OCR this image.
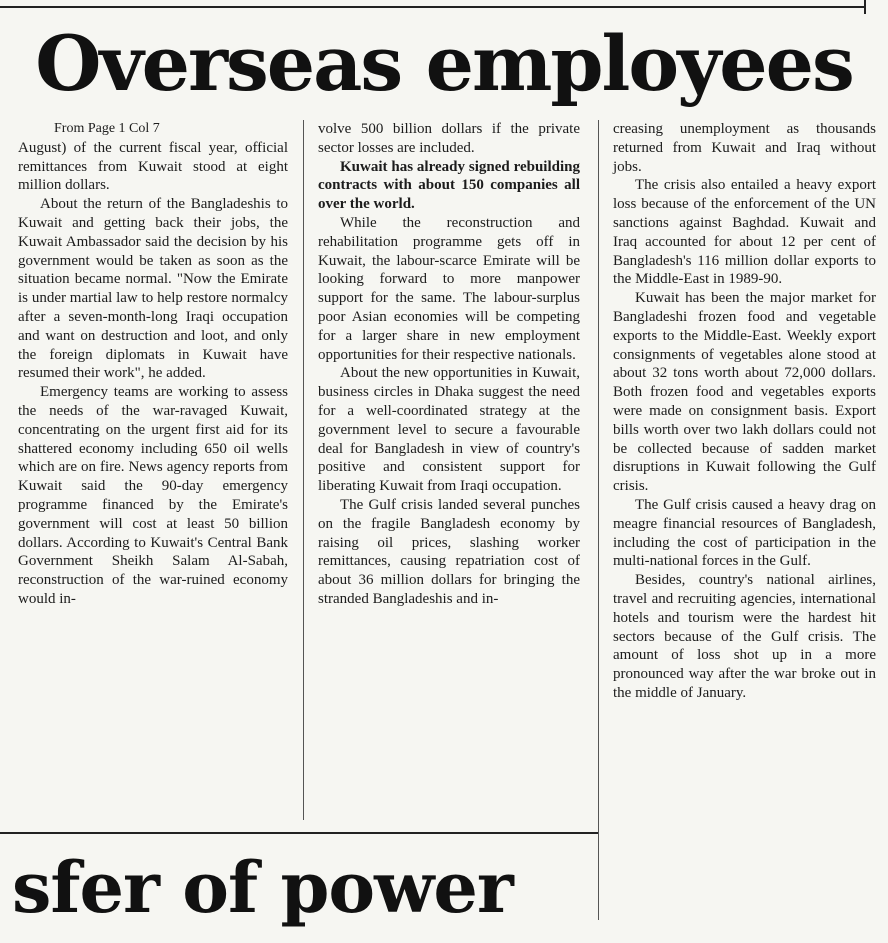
Overseas employees
From Page 1 Col 7

August) of the current fiscal year, official remittances from Kuwait stood at eight million dollars.

About the return of the Bangladeshis to Kuwait and getting back their jobs, the Kuwait Ambassador said the decision by his government would be taken as soon as the situation became normal. "Now the Emirate is under martial law to help restore normalcy after a seven-month-long Iraqi occupation and want on destruction and loot, and only the foreign diplomats in Kuwait have resumed their work", he added.

Emergency teams are working to assess the needs of the war-ravaged Kuwait, concentrating on the urgent first aid for its shattered economy including 650 oil wells which are on fire. News agency reports from Kuwait said the 90-day emergency programme financed by the Emirate's government will cost at least 50 billion dollars. According to Kuwait's Central Bank Government Sheikh Salam Al-Sabah, reconstruction of the war-ruined economy would in-

volve 500 billion dollars if the private sector losses are included.

Kuwait has already signed rebuilding contracts with about 150 companies all over the world.

While the reconstruction and rehabilitation programme gets off in Kuwait, the labour-scarce Emirate will be looking forward to more manpower support for the same. The labour-surplus poor Asian economies will be competing for a larger share in new employment opportunities for their respective nationals.

About the new opportunities in Kuwait, business circles in Dhaka suggest the need for a well-coordinated strategy at the government level to secure a favourable deal for Bangladesh in view of country's positive and consistent support for liberating Kuwait from Iraqi occupation.

The Gulf crisis landed several punches on the fragile Bangladesh economy by raising oil prices, slashing worker remittances, causing repatriation cost of about 36 million dollars for bringing the stranded Bangladeshis and in-

creasing unemployment as thousands returned from Kuwait and Iraq without jobs.

The crisis also entailed a heavy export loss because of the enforcement of the UN sanctions against Baghdad. Kuwait and Iraq accounted for about 12 per cent of Bangladesh's 116 million dollar exports to the Middle-East in 1989-90.

Kuwait has been the major market for Bangladeshi frozen food and vegetable exports to the Middle-East. Weekly export consignments of vegetables alone stood at about 32 tons worth about 72,000 dollars. Both frozen food and vegetables exports were made on consignment basis. Export bills worth over two lakh dollars could not be collected because of sadden market disruptions in Kuwait following the Gulf crisis.

The Gulf crisis caused a heavy drag on meagre financial resources of Bangladesh, including the cost of participation in the multi-national forces in the Gulf.

Besides, country's national airlines, travel and recruiting agencies, international hotels and tourism were the hardest hit sectors because of the Gulf crisis. The amount of loss shot up in a more pronounced way after the war broke out in the middle of January.

sfer of power
